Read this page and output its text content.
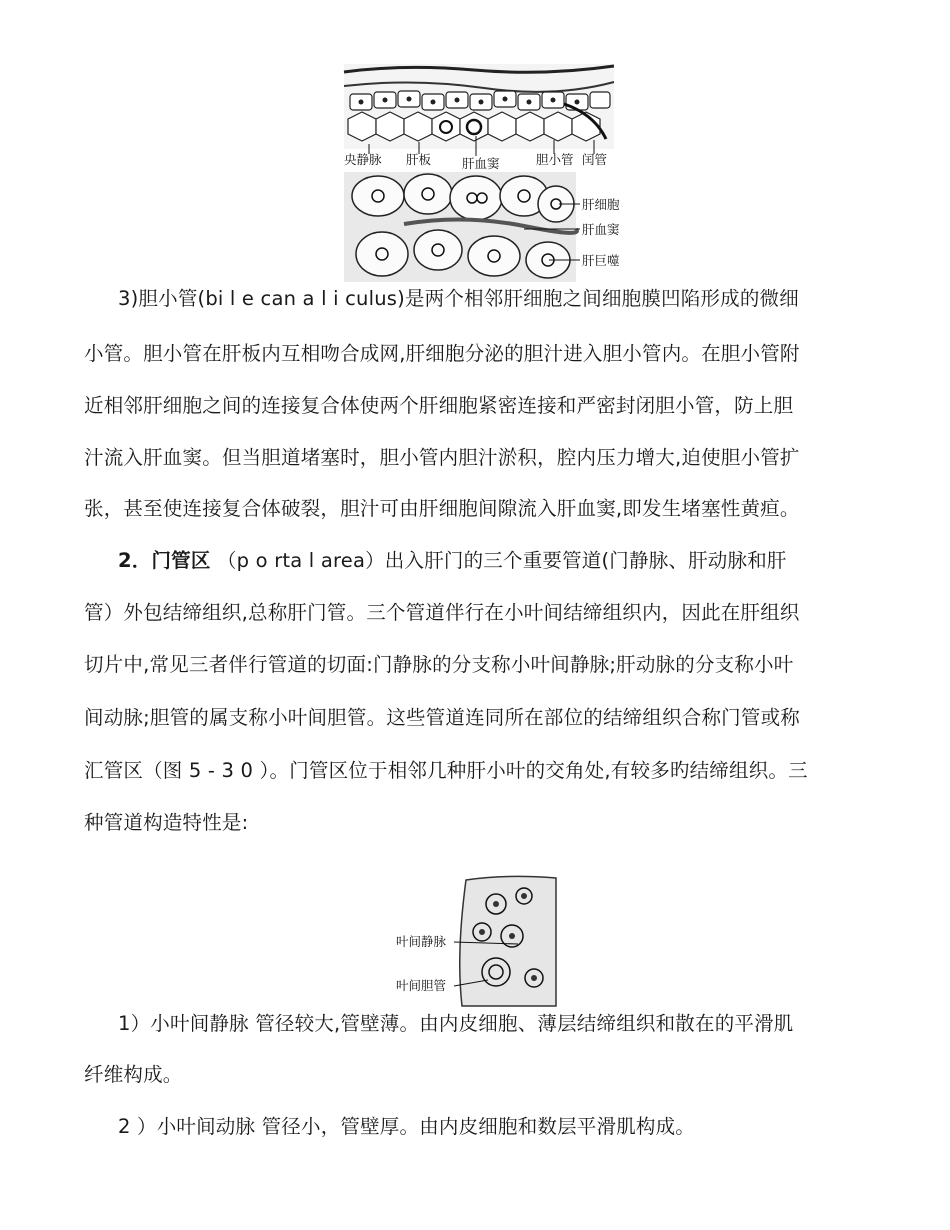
央静脉 肝板 肝血窦	胆小管 闰管
肝细胞
肝血窦
肝巨噬
3)胆小管(bi l e can a l i culus)是两个相邻肝细胞之间细胞膜凹陷形成的微细
小管。胆小管在肝板内互相吻合成网,肝细胞分泌的胆汁进入胆小管内。在胆小管附
近相邻肝细胞之间的连接复合体使两个肝细胞紧密连接和严密封闭胆小管，防上胆
汁流入肝血窦。但当胆道堵塞时，胆小管内胆汁淤积，腔内压力增大,迫使胆小管扩
张，甚至使连接复合体破裂，胆汁可由肝细胞间隙流入肝血窦,即发生堵塞性黄疸。
2．门管区 （p o rta l area）出入肝门的三个重要管道(门静脉、肝动脉和肝
管）外包结缔组织,总称肝门管。三个管道伴行在小叶间结缔组织内，因此在肝组织
切片中,常见三者伴行管道的切面:门静脉的分支称小叶间静脉;肝动脉的分支称小叶
间动脉;胆管的属支称小叶间胆管。这些管道连同所在部位的结缔组织合称门管或称
汇管区（图 5 - 3 0 ）。门管区位于相邻几种肝小叶的交角处,有较多旳结缔组织。三
种管道构造特性是:
叶间静脉
叶间胆管
1）小叶间静脉 管径较大,管壁薄。由内皮细胞、薄层结缔组织和散在的平滑肌
纤维构成。
2 ）小叶间动脉 管径小，管壁厚。由内皮细胞和数层平滑肌构成。
